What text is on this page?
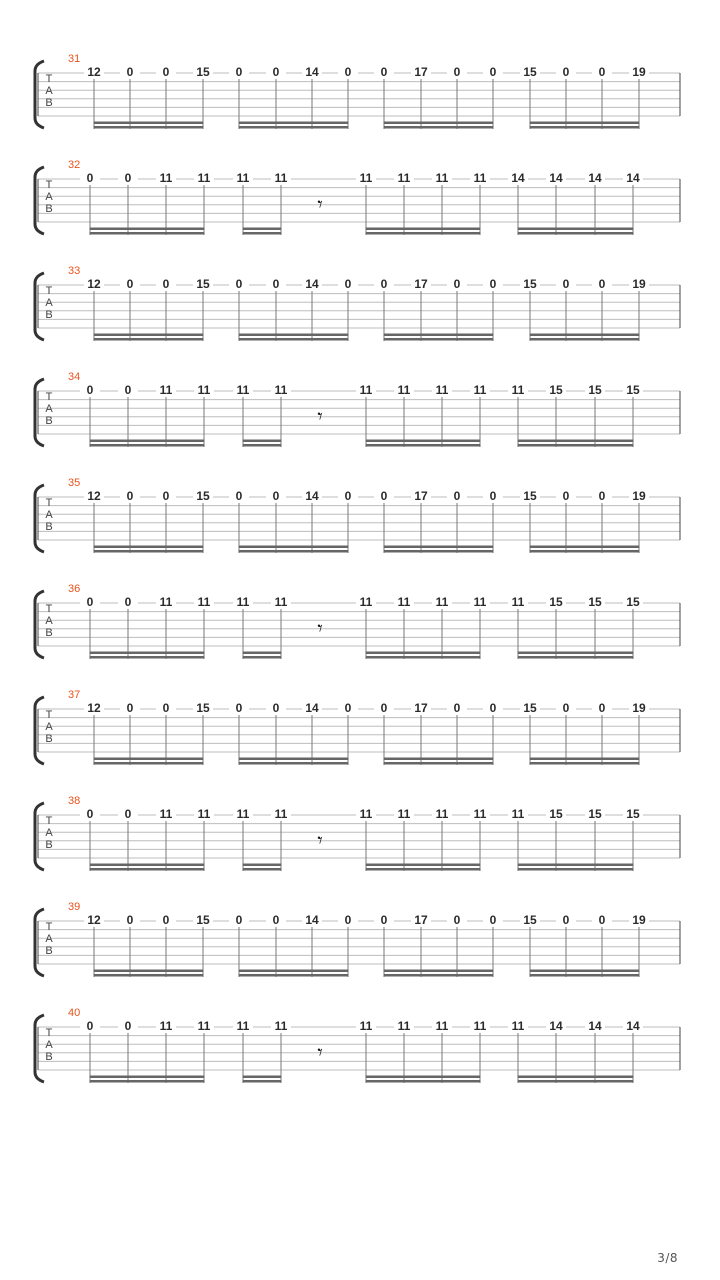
T
A
B
31
12 0 0 15 0	0 14 0 0 17 0 0 15 0 0 19
T
A
B
32
0	0 11 11 11 11
𝄾
11 11 11 11 14 14 14 14
T
A
B
33
12 0 0 15 0	0 14 0 0 17 0 0 15 0 0 19
T
A
B
34
0	0 11 11 11 11
𝄾
11 11 11 11 11 15 15 15
T
A
B
35
12 0 0 15 0	0 14 0 0 17 0 0 15 0 0 19
T
A
B
36
0	0 11 11 11 11
𝄾
11 11 11 11 11 15 15 15
T
A
B
37
12 0 0 15 0	0 14 0 0 17 0 0 15 0 0 19
T
A
B
38
0	0 11 11 11 11
𝄾
11 11 11 11 11 15 15 15
T
A
B
39
12 0 0 15 0	0 14 0 0 17 0 0 15 0 0 19
T
A
B
40
0	0 11 11 11 11
𝄾
11 11 11 11 11 14 14 14
3/8
